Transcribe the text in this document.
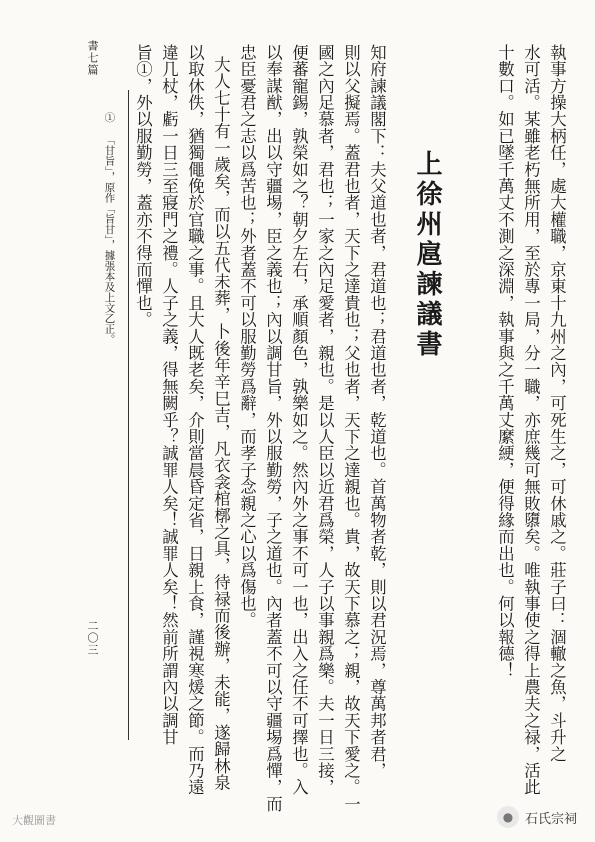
執事方操大柄任，處大權職，京東十九州之內，可死生之，可休戚之。莊子曰：涸轍之魚，斗升之
水可活。某雖老朽無所用，至於專一局，分一職，亦庶幾可無敗隳矣。唯執事使之得上農夫之禄，活此
十數口。如已墜千萬丈不測之深淵，執事與之千萬丈縻綆，便得緣而出也。何以報德！
上徐州扈諫議書
知府諫議閣下：夫父道也者，君道也；君道也者，乾道也。首萬物者乾，則以君況焉，尊萬邦者君，
則以父擬焉。蓋君也者，天下之達貴也；父也者，天下之達親也。貴，故天下慕之；親，故天下愛之。一
國之內足慕者，君也；一家之內足愛者，親也。是以人臣以近君爲榮，人子以事親爲樂。夫一日三接，
便蕃寵錫，孰榮如之？朝夕左右，承順顏色，孰樂如之。然內外之事不可一也，出入之任不可擇也。入
以奉謀猷，出以守疆埸，臣之義也；內以調甘旨，外以服勤勞，子之道也。內者蓋不可以守疆埸爲憚，而
忠臣憂君之志以爲苦也；外者蓋不可以服勤勞爲辭，而孝子念親之心以爲傷也。
大人七十有一歲矣，而以五代未葬，卜後年辛巳吉，凡衣衾棺槨之具，待禄而後辦，未能，遂歸林泉
以取休佚，猶獨僶俛於官職之事。且大人既老矣，介則當晨昏定省，日親上食，謹視寒煖之節。而乃遠
違几杖，虧一日三至寢門之禮。人子之義，得無闕乎？誠罪人矣！誠罪人矣！然前所謂內以調甘
旨①，外以服勤勞，蓋亦不得而憚也。
① 「甘旨」，原作「旨甘」，據張本及上文乙正。
書七篇
二〇三
大觀圖書	● 石氏宗祠
